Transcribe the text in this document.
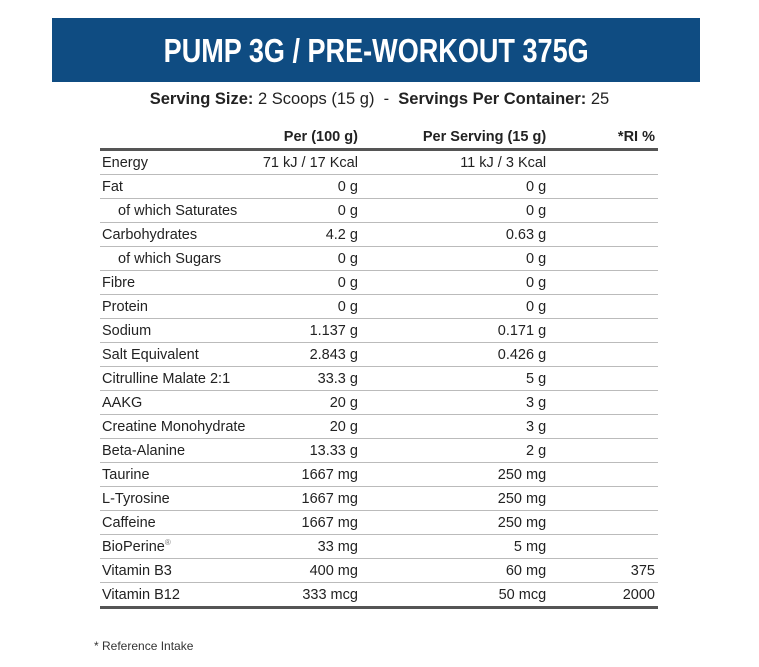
PUMP 3G / PRE-WORKOUT 375G
Serving Size: 2 Scoops (15 g) - Servings Per Container: 25
	Per (100 g)	Per Serving (15 g)	*RI %
Energy	71 kJ / 17 Kcal	11 kJ / 3 Kcal	
Fat	0 g	0 g	
of which Saturates	0 g	0 g	
Carbohydrates	4.2 g	0.63 g	
of which Sugars	0 g	0 g	
Fibre	0 g	0 g	
Protein	0 g	0 g	
Sodium	1.137 g	0.171 g	
Salt Equivalent	2.843 g	0.426 g	
Citrulline Malate 2:1	33.3 g	5 g	
AAKG	20 g	3 g	
Creatine Monohydrate	20 g	3 g	
Beta-Alanine	13.33 g	2 g	
Taurine	1667 mg	250 mg	
L-Tyrosine	1667 mg	250 mg	
Caffeine	1667 mg	250 mg	
BioPerine®	33 mg	5 mg	
Vitamin B3	400 mg	60 mg	375
Vitamin B12	333 mcg	50 mcg	2000
* Reference Intake
